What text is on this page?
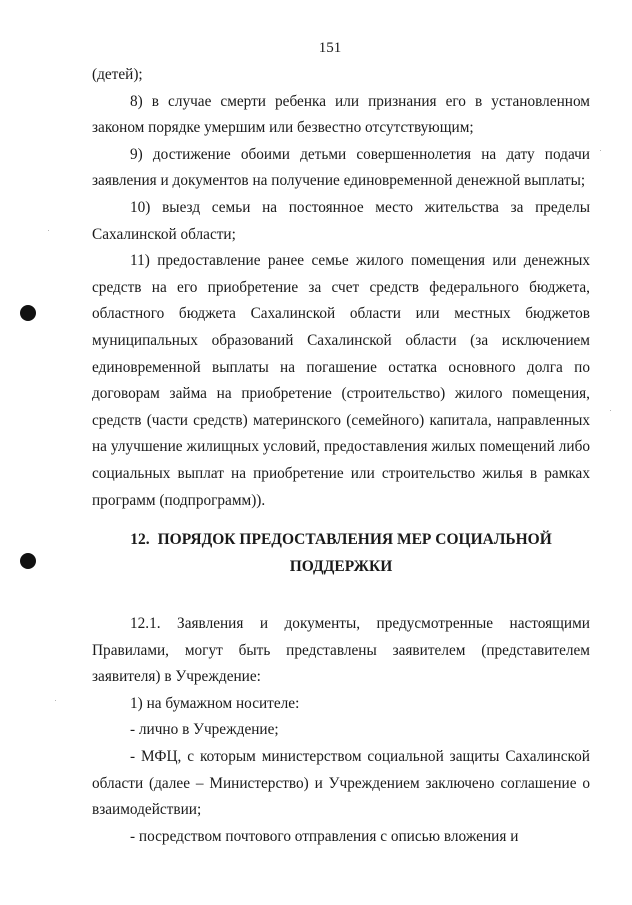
151

(детей);

8) в случае смерти ребенка или признания его в установленном законом порядке умершим или безвестно отсутствующим;

9) достижение обоими детьми совершеннолетия на дату подачи заявления и документов на получение единовременной денежной выплаты;

10) выезд семьи на постоянное место жительства за пределы Сахалинской области;

11) предоставление ранее семье жилого помещения или денежных средств на его приобретение за счет средств федерального бюджета, областного бюджета Сахалинской области или местных бюджетов муниципальных образований Сахалинской области (за исключением единовременной выплаты на погашение остатка основного долга по договорам займа на приобретение (строительство) жилого помещения, средств (части средств) материнского (семейного) капитала, направленных на улучшение жилищных условий, предоставления жилых помещений либо социальных выплат на приобретение или строительство жилья в рамках программ (подпрограмм)).

12. ПОРЯДОК ПРЕДОСТАВЛЕНИЯ МЕР СОЦИАЛЬНОЙ
ПОДДЕРЖКИ

12.1. Заявления и документы, предусмотренные настоящими Правилами, могут быть представлены заявителем (представителем заявителя) в Учреждение:

1) на бумажном носителе:

- лично в Учреждение;

- МФЦ, с которым министерством социальной защиты Сахалинской области (далее – Министерство) и Учреждением заключено соглашение о взаимодействии;

- посредством почтового отправления с описью вложения и
